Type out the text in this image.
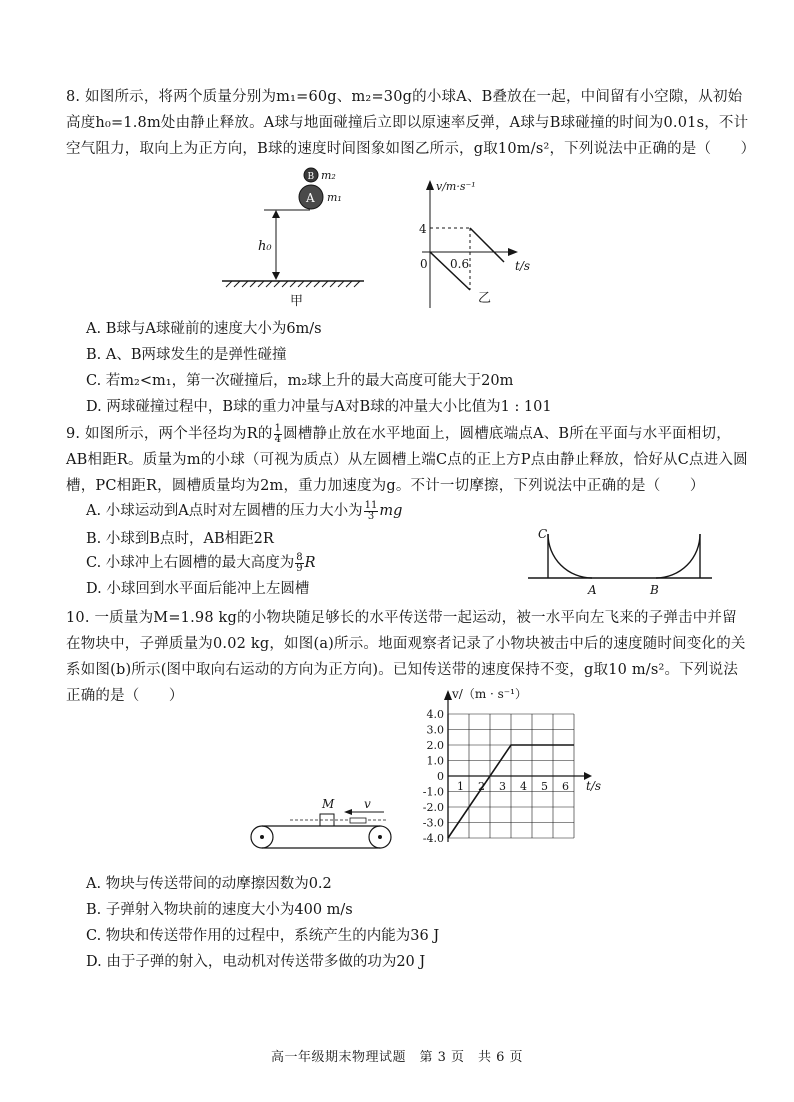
8. 如图所示，将两个质量分别为m₁=60g、m₂=30g的小球A、B叠放在一起，中间留有小空隙，从初始高度h₀=1.8m处由静止释放。A球与地面碰撞后立即以原速率反弹，A球与B球碰撞的时间为0.01s，不计空气阻力，取向上为正方向，B球的速度时间图象如图乙所示，g取10m/s²，下列说法中正确的是（　　）
h₀
B
A
m₂
m₁
甲
v/m·s⁻¹
t/s
4
0 0.6
乙
A. B球与A球碰前的速度大小为6m/s
B. A、B两球发生的是弹性碰撞
C. 若m₂<m₁，第一次碰撞后，m₂球上升的最大高度可能大于20m
D. 两球碰撞过程中，B球的重力冲量与A对B球的冲量大小比值为1 : 101
9. 如图所示，两个半径均为R的 $\frac{1}{4}$ 圆槽静止放在水平地面上，圆槽底端点A、B所在平面与水平面相切，AB相距R。质量为m的小球（可视为质点）从左圆槽上端C点的正上方P点由静止释放，恰好从C点进入圆槽，PC相距R，圆槽质量均为2m，重力加速度为g。不计一切摩擦，下列说法中正确的是（　　）
A. 小球运动到A点时对左圆槽的压力大小为 $\frac{11}{3}$ mg
B. 小球到B点时，AB相距2R
C. 小球冲上右圆槽的最大高度为 $\frac{8}{9}$ R
D. 小球回到水平面后能冲上左圆槽
C
A	B
10. 一质量为M=1.98 kg的小物块随足够长的水平传送带一起运动，被一水平向左飞来的子弹击中并留在物块中，子弹质量为0.02 kg，如图(a)所示。地面观察者记录了小物块被击中后的速度随时间变化的关系如图(b)所示(图中取向右运动的方向为正方向)。已知传送带的速度保持不变，g取10 m/s²。下列说法正确的是（　　）
M v
4.0
3.0
2.0
1.0
0
-1.0
-2.0
-3.0
-4.0
1 2 3 4 5 6
v/（m · s⁻¹）
t/s
A. 物块与传送带间的动摩擦因数为0.2
B. 子弹射入物块前的速度大小为400 m/s
C. 物块和传送带作用的过程中，系统产生的内能为36 J
D. 由于子弹的射入，电动机对传送带多做的功为20 J
高一年级期末物理试题　第 3 页　共 6 页
